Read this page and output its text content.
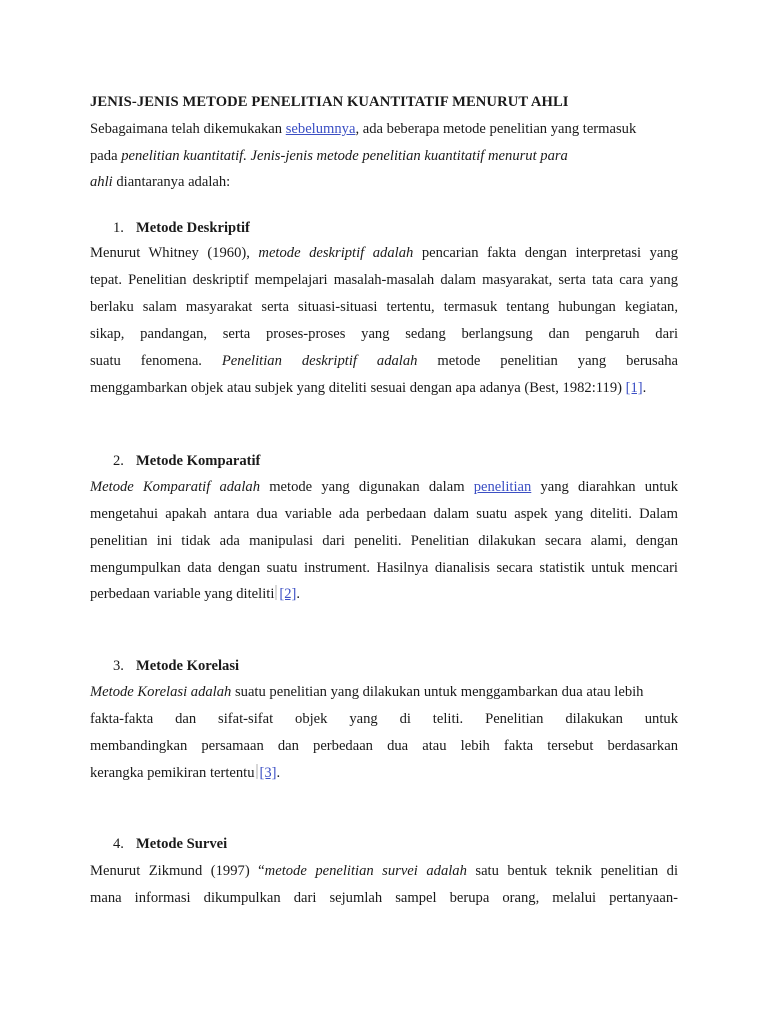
JENIS-JENIS METODE PENELITIAN KUANTITATIF MENURUT AHLI
Sebagaimana telah dikemukakan sebelumnya, ada beberapa metode penelitian yang termasuk
pada penelitian kuantitatif. Jenis-jenis metode penelitian kuantitatif menurut para
ahli diantaranya adalah:
1. Metode Deskriptif
Menurut Whitney (1960), metode deskriptif adalah pencarian fakta dengan interpretasi yang
tepat. Penelitian deskriptif mempelajari masalah-masalah dalam masyarakat, serta tata cara yang
berlaku salam masyarakat serta situasi-situasi tertentu, termasuk tentang hubungan kegiatan,
sikap, pandangan, serta proses-proses yang sedang berlangsung dan pengaruh dari
suatu fenomena. Penelitian deskriptif adalah metode penelitian yang berusaha
menggambarkan objek atau subjek yang diteliti sesuai dengan apa adanya (Best, 1982:119) [1].
2. Metode Komparatif
Metode Komparatif adalah metode yang digunakan dalam penelitian yang diarahkan untuk
mengetahui apakah antara dua variable ada perbedaan dalam suatu aspek yang diteliti. Dalam
penelitian ini tidak ada manipulasi dari peneliti. Penelitian dilakukan secara alami, dengan
mengumpulkan data dengan suatu instrument. Hasilnya dianalisis secara statistik untuk mencari
perbedaan variable yang diteliti [2].
3. Metode Korelasi
Metode Korelasi adalah suatu penelitian yang dilakukan untuk menggambarkan dua atau lebih
fakta-fakta dan sifat-sifat objek yang di teliti. Penelitian dilakukan untuk
membandingkan persamaan dan perbedaan dua atau lebih fakta tersebut berdasarkan
kerangka pemikiran tertentu [3].
4. Metode Survei
Menurut Zikmund (1997) “metode penelitian survei adalah satu bentuk teknik penelitian di
mana informasi dikumpulkan dari sejumlah sampel berupa orang, melalui pertanyaan-
